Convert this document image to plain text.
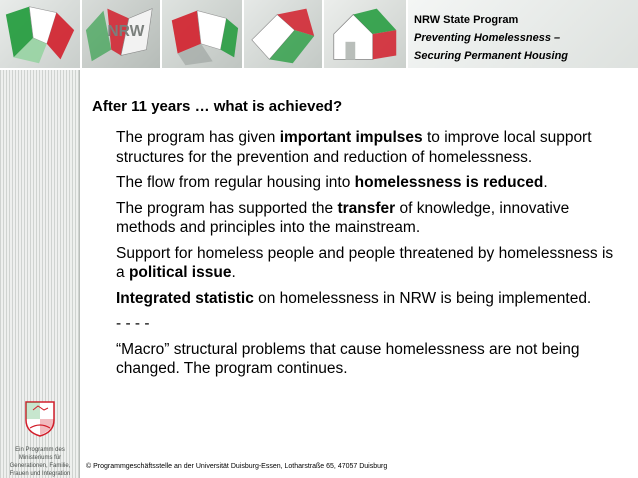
NRW
NRW State Program
Preventing Homelessness –
Securing Permanent Housing
Ein Programm des Ministeriums für Generationen, Familie, Frauen und Integration
After 11 years … what is achieved?

The program has given important impulses to improve local support structures for the prevention and reduction of homelessness.

The flow from regular housing into homelessness is reduced.

The program has supported the transfer of knowledge, innovative methods and principles into the mainstream.

Support for homeless people and people threatened by homelessness is a political issue.

Integrated statistic on homelessness in NRW is being implemented.

- - - -

“Macro” structural problems that cause homelessness are not being changed. The program continues.

© Programmgeschäftsstelle an der Universität Duisburg-Essen, Lotharstraße 65, 47057 Duisburg
